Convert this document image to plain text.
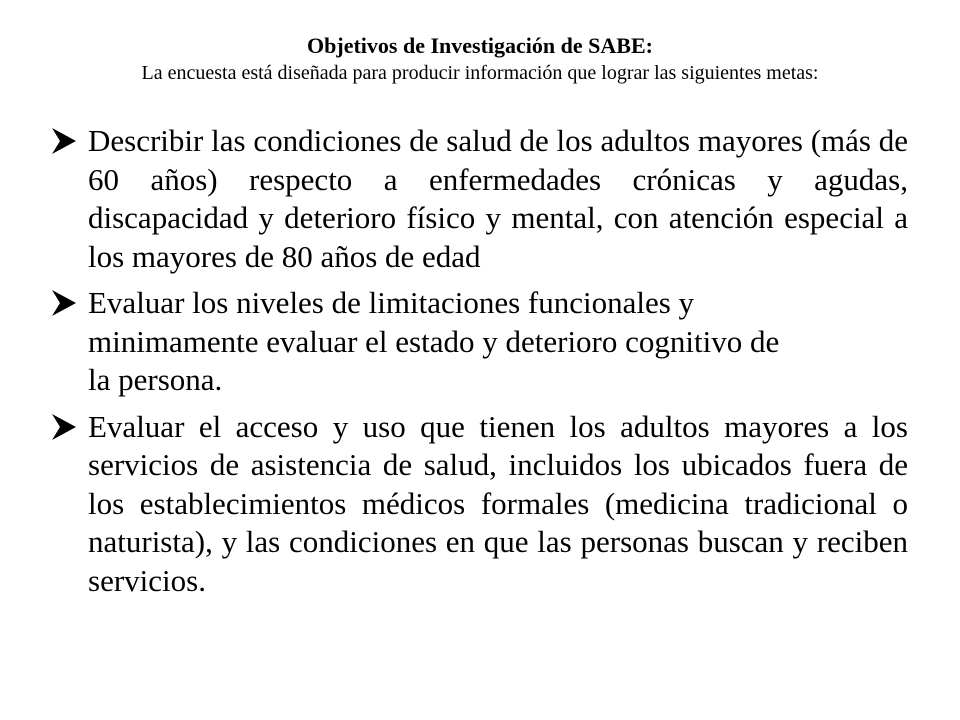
Objetivos de Investigación de SABE:

La encuesta está diseñada para producir información que lograr las siguientes metas:

Describir las condiciones de salud de los adultos mayores (más de 60 años) respecto a enfermedades crónicas y agudas, discapacidad y deterioro físico y mental, con atención especial a los mayores de 80 años de edad
Evaluar los niveles de limitaciones funcionales y minimamente evaluar el estado y deterioro cognitivo de la persona.
Evaluar el acceso y uso que tienen los adultos mayores a los servicios de asistencia de salud, incluidos los ubicados fuera de los establecimientos médicos formales (medicina tradicional o naturista), y las condiciones en que las personas buscan y reciben servicios.
